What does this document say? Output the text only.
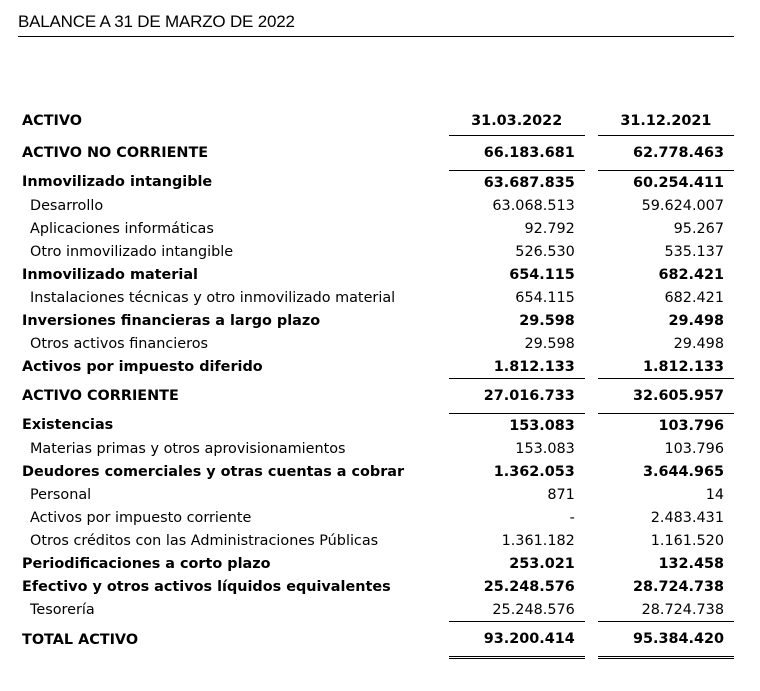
BALANCE A 31 DE MARZO DE 2022
ACTIVO	31.03.2022		31.12.2021
ACTIVO NO CORRIENTE	66.183.681		62.778.463
Inmovilizado intangible	63.687.835		60.254.411
Desarrollo	63.068.513		59.624.007
Aplicaciones informáticas	92.792		95.267
Otro inmovilizado intangible	526.530		535.137
Inmovilizado material	654.115		682.421
Instalaciones técnicas y otro inmovilizado material	654.115		682.421
Inversiones financieras a largo plazo	29.598		29.498
Otros activos financieros	29.598		29.498
Activos por impuesto diferido	1.812.133		1.812.133
ACTIVO CORRIENTE	27.016.733		32.605.957
Existencias	153.083		103.796
Materias primas y otros aprovisionamientos	153.083		103.796
Deudores comerciales y otras cuentas a cobrar	1.362.053		3.644.965
Personal	871		14
Activos por impuesto corriente	-		2.483.431
Otros créditos con las Administraciones Públicas	1.361.182		1.161.520
Periodificaciones a corto plazo	253.021		132.458
Efectivo y otros activos líquidos equivalentes	25.248.576		28.724.738
Tesorería	25.248.576		28.724.738
TOTAL ACTIVO	93.200.414		95.384.420
